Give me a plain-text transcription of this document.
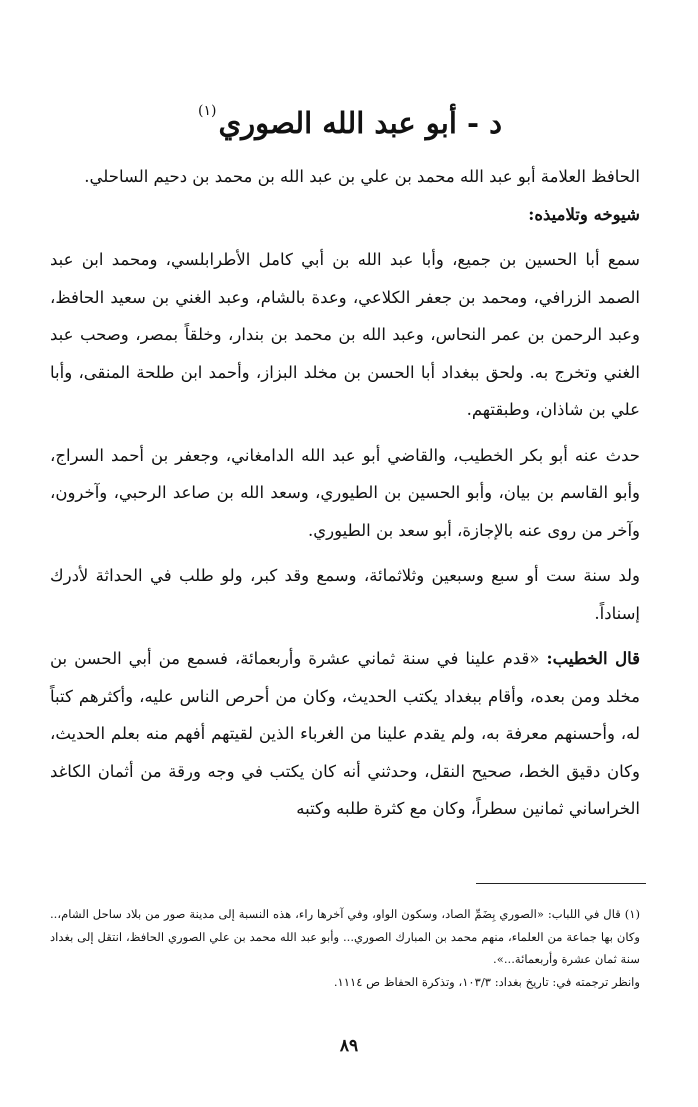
د - أبو عبد الله الصوري$^{(١)}$

الحافظ العلامة أبو عبد الله محمد بن علي بن عبد الله بن محمد بن دحيم الساحلي.

شيوخه وتلاميذه:

سمع أبا الحسين بن جميع، وأبا عبد الله بن أبي كامل الأطرابلسي، ومحمد ابن عبد الصمد الزرافي، ومحمد بن جعفر الكلاعي، وعدة بالشام، وعبد الغني بن سعيد الحافظ، وعبد الرحمن بن عمر النحاس، وعبد الله بن محمد بن بندار، وخلقاً بمصر، وصحب عبد الغني وتخرج به. ولحق ببغداد أبا الحسن بن مخلد البزاز، وأحمد ابن طلحة المنقى، وأبا علي بن شاذان، وطبقتهم.

حدث عنه أبو بكر الخطيب، والقاضي أبو عبد الله الدامغاني، وجعفر بن أحمد السراج، وأبو القاسم بن بيان، وأبو الحسين بن الطيوري، وسعد الله بن صاعد الرحبي، وآخرون، وآخر من روى عنه بالإجازة، أبو سعد بن الطيوري.

ولد سنة ست أو سبع وسبعين وثلاثمائة، وسمع وقد كبر، ولو طلب في الحداثة لأدرك إسناداً.

قال الخطيب: «قدم علينا في سنة ثماني عشرة وأربعمائة، فسمع من أبي الحسن بن مخلد ومن بعده، وأقام ببغداد يكتب الحديث، وكان من أحرص الناس عليه، وأكثرهم كتباً له، وأحسنهم معرفة به، ولم يقدم علينا من الغرباء الذين لقيتهم أفهم منه بعلم الحديث، وكان دقيق الخط، صحيح النقل، وحدثني أنه كان يكتب في وجه ورقة من أثمان الكاغد الخراساني ثمانين سطراً، وكان مع كثرة طلبه وكتبه

(١) قال في اللباب: «الصوري بِضَمِّ الصاد، وسكون الواو، وفي آخرها راء، هذه النسبة إلى مدينة صور من بلاد ساحل الشام،.. وكان بها جماعة من العلماء، منهم محمد بن المبارك الصوري... وأبو عبد الله محمد بن علي الصوري الحافظ، انتقل إلى بغداد سنة ثمان عشرة وأربعمائة...».

وانظر ترجمته في: تاريخ بغداد: ١٠٣/٣، وتذكرة الحفاظ ص ١١١٤.

٨٩
